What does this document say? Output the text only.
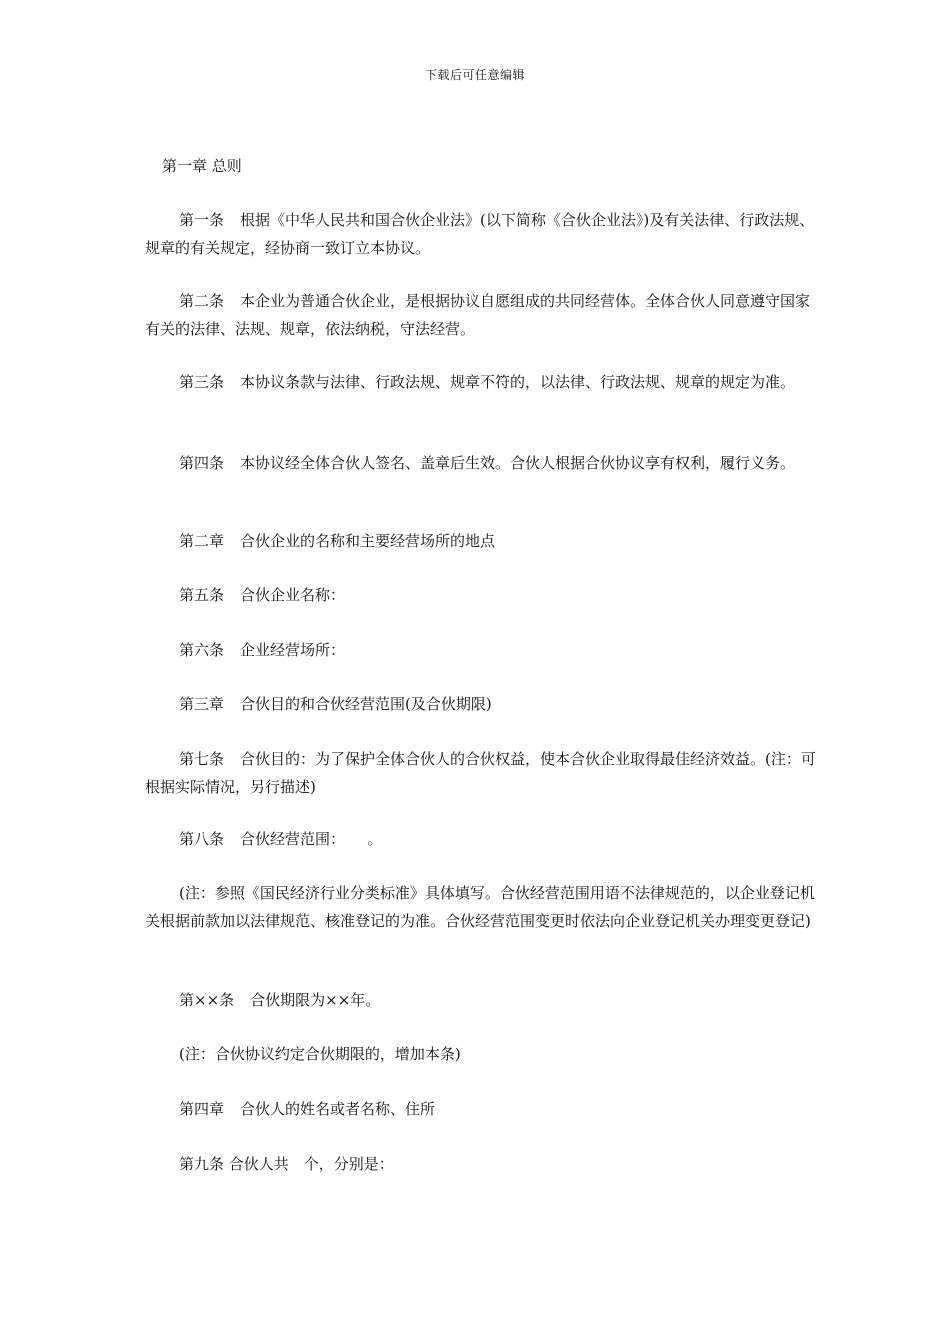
下载后可任意编辑
第一章 总则
第一条 根据《中华人民共和国合伙企业法》(以下简称《合伙企业法》)及有关法律、行政法规、规章的有关规定，经协商一致订立本协议。
第二条 本企业为普通合伙企业，是根据协议自愿组成的共同经营体。全体合伙人同意遵守国家有关的法律、法规、规章，依法纳税，守法经营。
第三条 本协议条款与法律、行政法规、规章不符的，以法律、行政法规、规章的规定为准。
第四条 本协议经全体合伙人签名、盖章后生效。合伙人根据合伙协议享有权利，履行义务。
第二章 合伙企业的名称和主要经营场所的地点
第五条 合伙企业名称：
第六条 企业经营场所：
第三章 合伙目的和合伙经营范围(及合伙期限)
第七条 合伙目的：为了保护全体合伙人的合伙权益，使本合伙企业取得最佳经济效益。(注：可根据实际情况，另行描述)
第八条 合伙经营范围：　　。
(注：参照《国民经济行业分类标准》具体填写。合伙经营范围用语不法律规范的，以企业登记机关根据前款加以法律规范、核准登记的为准。合伙经营范围变更时依法向企业登记机关办理变更登记)
第××条 合伙期限为××年。
(注：合伙协议约定合伙期限的，增加本条)
第四章 合伙人的姓名或者名称、住所
第九条 合伙人共　个，分别是：
